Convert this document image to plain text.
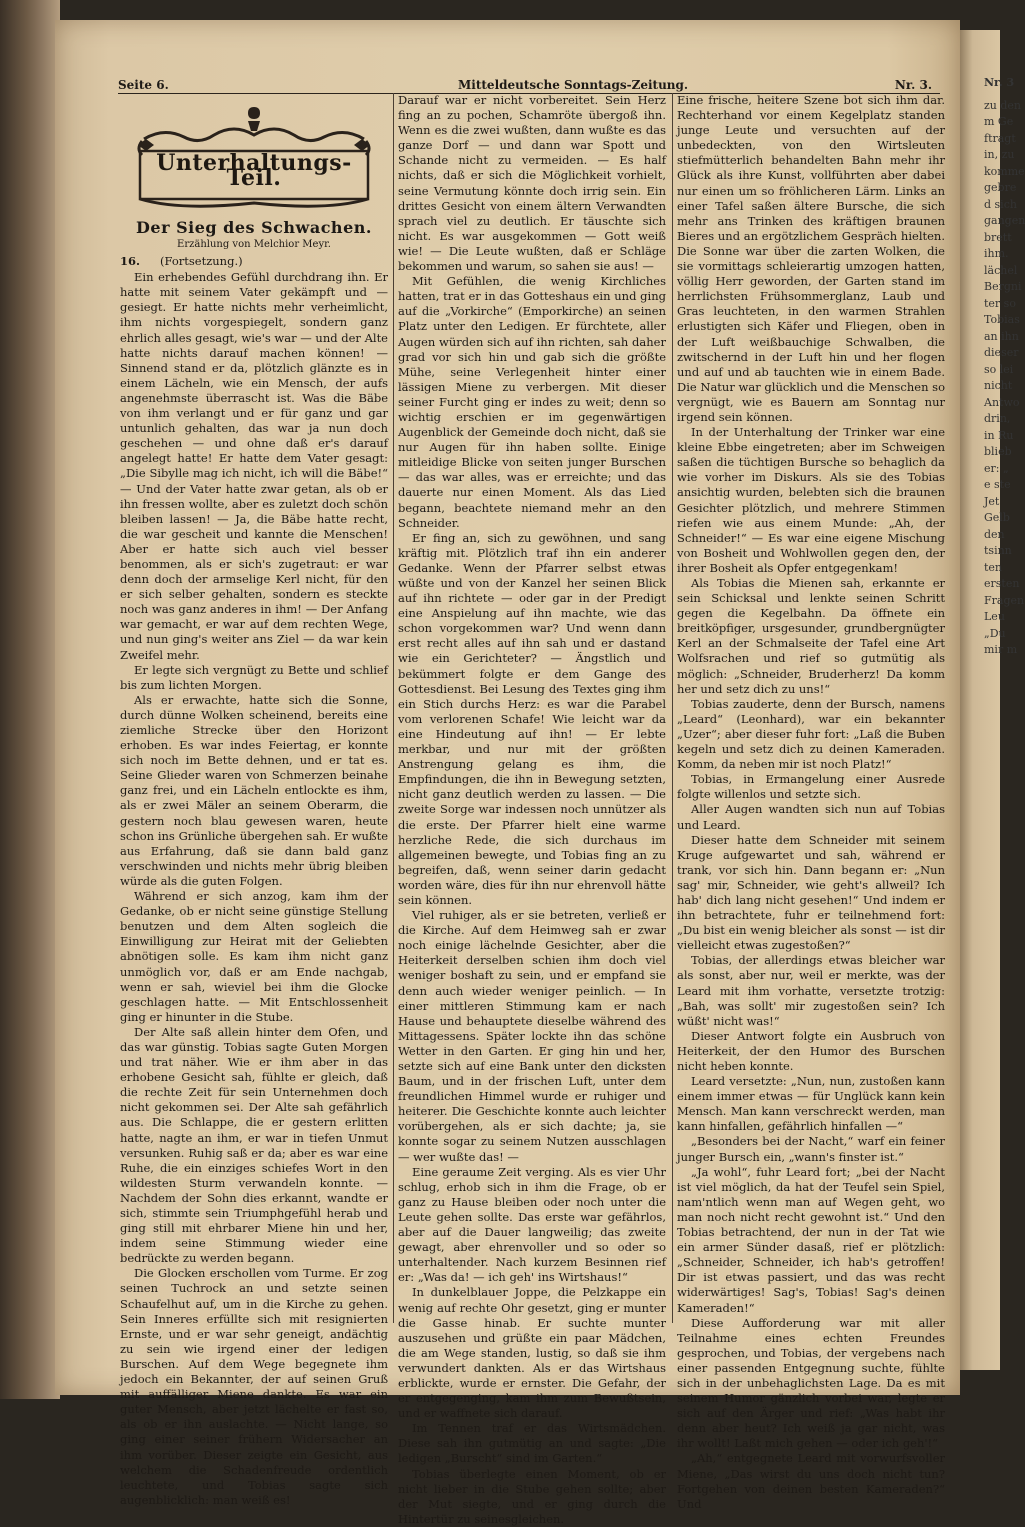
Nr. 3
zu den
m Ge
ftragt
in, zu
komme
gebre
d sich
gangen
brett
ihm.
lächel
Bergni
ter so
Tobias
an ihn
dieser
so lei
nicht
Antwo
drin,
in Ru
blieb
er: „
e ste
Jet
Gelb
den
tsinn
ten
ersten
Fragen
Leu
„Du
mir m
Seite 6.	Mitteldeutsche Sonntags-Zeitung.	Nr. 3.
Unterhaltungs-Teil.
Der Sieg des Schwachen.
Erzählung von Melchior Meyr.
16. (Fortsetzung.)

Ein erhebendes Gefühl durchdrang ihn. Er hatte mit seinem Vater gekämpft und — gesiegt. Er hatte nichts mehr verheimlicht, ihm nichts vorgespiegelt, sondern ganz ehrlich alles gesagt, wie's war — und der Alte hatte nichts darauf machen können! — Sinnend stand er da, plötzlich glänzte es in einem Lächeln, wie ein Mensch, der aufs angenehmste überrascht ist. Was die Bäbe von ihm verlangt und er für ganz und gar untunlich gehalten, das war ja nun doch geschehen — und ohne daß er's darauf angelegt hatte! Er hatte dem Vater gesagt: „Die Sibylle mag ich nicht, ich will die Bäbe!“ — Und der Vater hatte zwar getan, als ob er ihn fressen wollte, aber es zuletzt doch schön bleiben lassen! — Ja, die Bäbe hatte recht, die war gescheit und kannte die Menschen! Aber er hatte sich auch viel besser benommen, als er sich's zugetraut: er war denn doch der armselige Kerl nicht, für den er sich selber gehalten, sondern es steckte noch was ganz anderes in ihm! — Der Anfang war gemacht, er war auf dem rechten Wege, und nun ging's weiter ans Ziel — da war kein Zweifel mehr.

Er legte sich vergnügt zu Bette und schlief bis zum lichten Morgen.

Als er erwachte, hatte sich die Sonne, durch dünne Wolken scheinend, bereits eine ziemliche Strecke über den Horizont erhoben. Es war indes Feiertag, er konnte sich noch im Bette dehnen, und er tat es. Seine Glieder waren von Schmerzen beinahe ganz frei, und ein Lächeln entlockte es ihm, als er zwei Mäler an seinem Oberarm, die gestern noch blau gewesen waren, heute schon ins Grünliche übergehen sah. Er wußte aus Erfahrung, daß sie dann bald ganz verschwinden und nichts mehr übrig bleiben würde als die guten Folgen.

Während er sich anzog, kam ihm der Gedanke, ob er nicht seine günstige Stellung benutzen und dem Alten sogleich die Einwilligung zur Heirat mit der Geliebten abnötigen solle. Es kam ihm nicht ganz unmöglich vor, daß er am Ende nachgab, wenn er sah, wieviel bei ihm die Glocke geschlagen hatte. — Mit Entschlossenheit ging er hinunter in die Stube.

Der Alte saß allein hinter dem Ofen, und das war günstig. Tobias sagte Guten Morgen und trat näher. Wie er ihm aber in das erhobene Gesicht sah, fühlte er gleich, daß die rechte Zeit für sein Unternehmen doch nicht gekommen sei. Der Alte sah gefährlich aus. Die Schlappe, die er gestern erlitten hatte, nagte an ihm, er war in tiefen Unmut versunken. Ruhig saß er da; aber es war eine Ruhe, die ein einziges schiefes Wort in den wildesten Sturm verwandeln konnte. — Nachdem der Sohn dies erkannt, wandte er sich, stimmte sein Triumphgefühl herab und ging still mit ehrbarer Miene hin und her, indem seine Stimmung wieder eine bedrückte zu werden begann.

Die Glocken erschollen vom Turme. Er zog seinen Tuchrock an und setzte seinen Schaufelhut auf, um in die Kirche zu gehen. Sein Inneres erfüllte sich mit resignierten Ernste, und er war sehr geneigt, andächtig zu sein wie irgend einer der ledigen Burschen. Auf dem Wege begegnete ihm jedoch ein Bekannter, der auf seinen Gruß mit auffälliger Miene dankte. Es war ein guter Mensch, aber jetzt lächelte er fast so, als ob er ihn auslachte. — Nicht lange, so ging einer seiner frühern Widersacher an ihm vorüber. Dieser zeigte ein Gesicht, aus welchem die Schadenfreude ordentlich leuchtete, und Tobias sagte sich augenblicklich: man weiß es!

Darauf war er nicht vorbereitet. Sein Herz fing an zu pochen, Schamröte übergoß ihn. Wenn es die zwei wußten, dann wußte es das ganze Dorf — und dann war Spott und Schande nicht zu vermeiden. — Es half nichts, daß er sich die Möglichkeit vorhielt, seine Vermutung könnte doch irrig sein. Ein drittes Gesicht von einem ältern Verwandten sprach viel zu deutlich. Er täuschte sich nicht. Es war ausgekommen — Gott weiß wie! — Die Leute wußten, daß er Schläge bekommen und warum, so sahen sie aus! —

Mit Gefühlen, die wenig Kirchliches hatten, trat er in das Gotteshaus ein und ging auf die „Vorkirche“ (Emporkirche) an seinen Platz unter den Ledigen. Er fürchtete, aller Augen würden sich auf ihn richten, sah daher grad vor sich hin und gab sich die größte Mühe, seine Verlegenheit hinter einer lässigen Miene zu verbergen. Mit dieser seiner Furcht ging er indes zu weit; denn so wichtig erschien er im gegenwärtigen Augenblick der Gemeinde doch nicht, daß sie nur Augen für ihn haben sollte. Einige mitleidige Blicke von seiten junger Burschen — das war alles, was er erreichte; und das dauerte nur einen Moment. Als das Lied begann, beachtete niemand mehr an den Schneider.

Er fing an, sich zu gewöhnen, und sang kräftig mit. Plötzlich traf ihn ein anderer Gedanke. Wenn der Pfarrer selbst etwas wüßte und von der Kanzel her seinen Blick auf ihn richtete — oder gar in der Predigt eine Anspielung auf ihn machte, wie das schon vorgekommen war? Und wenn dann erst recht alles auf ihn sah und er dastand wie ein Gerichteter? — Ängstlich und bekümmert folgte er dem Gange des Gottesdienst. Bei Lesung des Textes ging ihm ein Stich durchs Herz: es war die Parabel vom verlorenen Schafe! Wie leicht war da eine Hindeutung auf ihn! — Er lebte merkbar, und nur mit der größten Anstrengung gelang es ihm, die Empfindungen, die ihn in Bewegung setzten, nicht ganz deutlich werden zu lassen. — Die zweite Sorge war indessen noch unnützer als die erste. Der Pfarrer hielt eine warme herzliche Rede, die sich durchaus im allgemeinen bewegte, und Tobias fing an zu begreifen, daß, wenn seiner darin gedacht worden wäre, dies für ihn nur ehrenvoll hätte sein können.

Viel ruhiger, als er sie betreten, verließ er die Kirche. Auf dem Heimweg sah er zwar noch einige lächelnde Gesichter, aber die Heiterkeit derselben schien ihm doch viel weniger boshaft zu sein, und er empfand sie denn auch wieder weniger peinlich. — In einer mittleren Stimmung kam er nach Hause und behauptete dieselbe während des Mittagessens. Später lockte ihn das schöne Wetter in den Garten. Er ging hin und her, setzte sich auf eine Bank unter den dicksten Baum, und in der frischen Luft, unter dem freundlichen Himmel wurde er ruhiger und heiterer. Die Geschichte konnte auch leichter vorübergehen, als er sich dachte; ja, sie konnte sogar zu seinem Nutzen ausschlagen — wer wußte das! —

Eine geraume Zeit verging. Als es vier Uhr schlug, erhob sich in ihm die Frage, ob er ganz zu Hause bleiben oder noch unter die Leute gehen sollte. Das erste war gefährlos, aber auf die Dauer langweilig; das zweite gewagt, aber ehrenvoller und so oder so unterhaltender. Nach kurzem Besinnen rief er: „Was da! — ich geh' ins Wirtshaus!“

In dunkelblauer Joppe, die Pelzkappe ein wenig auf rechte Ohr gesetzt, ging er munter die Gasse hinab. Er suchte munter auszusehen und grüßte ein paar Mädchen, die am Wege standen, lustig, so daß sie ihm verwundert dankten. Als er das Wirtshaus erblickte, wurde er ernster. Die Gefahr, der er entgegenging, kam ihm zum Bewußtsein, und er waffnete sich darauf.

Im Tennen traf er das Wirtsmädchen. Diese sah ihn gutmütig an und sagte: „Die ledigen „Burscht“ sind im Garten.“

Tobias überlegte einen Moment, ob er nicht lieber in die Stube gehen sollte; aber der Mut siegte, und er ging durch die Hintertür zu seinesgleichen.

Eine frische, heitere Szene bot sich ihm dar. Rechterhand vor einem Kegelplatz standen junge Leute und versuchten auf der unbedeckten, von den Wirtsleuten stiefmütterlich behandelten Bahn mehr ihr Glück als ihre Kunst, vollführten aber dabei nur einen um so fröhlicheren Lärm. Links an einer Tafel saßen ältere Bursche, die sich mehr ans Trinken des kräftigen braunen Bieres und an ergötzlichem Gespräch hielten. Die Sonne war über die zarten Wolken, die sie vormittags schleierartig umzogen hatten, völlig Herr geworden, der Garten stand im herrlichsten Frühsommerglanz, Laub und Gras leuchteten, in den warmen Strahlen erlustigten sich Käfer und Fliegen, oben in der Luft weißbauchige Schwalben, die zwitschernd in der Luft hin und her flogen und auf und ab tauchten wie in einem Bade. Die Natur war glücklich und die Menschen so vergnügt, wie es Bauern am Sonntag nur irgend sein können.

In der Unterhaltung der Trinker war eine kleine Ebbe eingetreten; aber im Schweigen saßen die tüchtigen Bursche so behaglich da wie vorher im Diskurs. Als sie des Tobias ansichtig wurden, belebten sich die braunen Gesichter plötzlich, und mehrere Stimmen riefen wie aus einem Munde: „Ah, der Schneider!“ — Es war eine eigene Mischung von Bosheit und Wohlwollen gegen den, der ihrer Bosheit als Opfer entgegenkam!

Als Tobias die Mienen sah, erkannte er sein Schicksal und lenkte seinen Schritt gegen die Kegelbahn. Da öffnete ein breitköpfiger, ursgesunder, grundbergnügter Kerl an der Schmalseite der Tafel eine Art Wolfsrachen und rief so gutmütig als möglich: „Schneider, Bruderherz! Da komm her und setz dich zu uns!“

Tobias zauderte, denn der Bursch, namens „Leard“ (Leonhard), war ein bekannter „Uzer“; aber dieser fuhr fort: „Laß die Buben kegeln und setz dich zu deinen Kameraden. Komm, da neben mir ist noch Platz!“

Tobias, in Ermangelung einer Ausrede folgte willenlos und setzte sich.

Aller Augen wandten sich nun auf Tobias und Leard.

Dieser hatte dem Schneider mit seinem Kruge aufgewartet und sah, während er trank, vor sich hin. Dann begann er: „Nun sag' mir, Schneider, wie geht's allweil? Ich hab' dich lang nicht gesehen!“ Und indem er ihn betrachtete, fuhr er teilnehmend fort: „Du bist ein wenig bleicher als sonst — ist dir vielleicht etwas zugestoßen?“

Tobias, der allerdings etwas bleicher war als sonst, aber nur, weil er merkte, was der Leard mit ihm vorhatte, versetzte trotzig: „Bah, was sollt' mir zugestoßen sein? Ich wüßt' nicht was!“

Dieser Antwort folgte ein Ausbruch von Heiterkeit, der den Humor des Burschen nicht heben konnte.

Leard versetzte: „Nun, nun, zustoßen kann einem immer etwas — für Unglück kann kein Mensch. Man kann verschreckt werden, man kann hinfallen, gefährlich hinfallen —“

„Besonders bei der Nacht,“ warf ein feiner junger Bursch ein, „wann's finster ist.“

„Ja wohl“, fuhr Leard fort; „bei der Nacht ist viel möglich, da hat der Teufel sein Spiel, nam'ntlich wenn man auf Wegen geht, wo man noch nicht recht gewohnt ist.“ Und den Tobias betrachtend, der nun in der Tat wie ein armer Sünder dasaß, rief er plötzlich: „Schneider, Schneider, ich hab's getroffen! Dir ist etwas passiert, und das was recht widerwärtiges! Sag's, Tobias! Sag's deinen Kameraden!“

Diese Aufforderung war mit aller Teilnahme eines echten Freundes gesprochen, und Tobias, der vergebens nach einer passenden Entgegnung suchte, fühlte sich in der unbehaglichsten Lage. Da es mit seinem Humor gänzlich vorbei war, legte er sich auf den Ärger und rief: „Was habt ihr denn aber heut? Ich weiß ja gar nicht, was ihr wollt! Laßt mich gehen — oder ich geh'!“

„Ah,“ entgegnete Leard mit vorwurfsvoller Miene, „Das wirst du uns doch nicht tun? Fortgehen von deinen besten Kameraden?“ Und
